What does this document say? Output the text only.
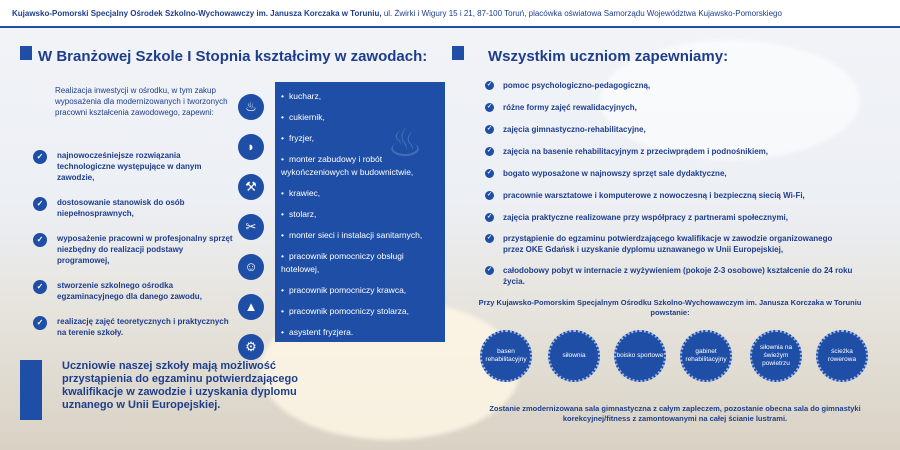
Kujawsko-Pomorski Specjalny Ośrodek Szkolno-Wychowawczy im. Janusza Korczaka w Toruniu, ul. Żwirki i Wigury 15 i 21, 87-100 Toruń, placówka oświatowa Samorządu Województwa Kujawsko-Pomorskiego
W Branżowej Szkole I Stopnia kształcimy w zawodach:	Wszystkim uczniom zapewniamy:
Realizacja inwestycji w ośrodku, w tym zakup wyposażenia dla modernizowanych i tworzonych pracowni kształcenia zawodowego, zapewni:
✓	najnowocześniejsze rozwiązania technologiczne występujące w danym zawodzie,
✓	dostosowanie stanowisk do osób niepełnosprawnych,
✓	wyposażenie pracowni w profesjonalny sprzęt niezbędny do realizacji podstawy programowej,
✓	stworzenie szkolnego ośrodka egzaminacyjnego dla danego zawodu,
✓	realizację zajęć teoretycznych i praktycznych na terenie szkoły.
♨
◗
⚒
✂
☺
▲
⚙
♨
• kucharz,
• cukiernik,
• fryzjer,
• monter zabudowy i robót wykończeniowych w budownictwie,
• krawiec,
• stolarz,
• monter sieci i instalacji sanitarnych,
• pracownik pomocniczy obsługi hotelowej,
• pracownik pomocniczy krawca,
• pracownik pomocniczy stolarza,
• asystent fryzjera.
✓ pomoc psychologiczno-pedagogiczną,
✓ różne formy zajęć rewalidacyjnych,
✓ zajęcia gimnastyczno-rehabilitacyjne,
✓ zajęcia na basenie rehabilitacyjnym z przeciwprądem i podnośnikiem,
✓ bogato wyposażone w najnowszy sprzęt sale dydaktyczne,
✓ pracownie warsztatowe i komputerowe z nowoczesną i bezpieczną siecią Wi-Fi,
✓ zajęcia praktyczne realizowane przy współpracy z partnerami społecznymi,
✓ przystąpienie do egzaminu potwierdzającego kwalifikacje w zawodzie organizowanego przez OKE Gdańsk i uzyskanie dyplomu uznawanego w Unii Europejskiej,
✓ całodobowy pobyt w internacie z wyżywieniem (pokoje 2-3 osobowe) kształcenie do 24 roku życia.
Przy Kujawsko-Pomorskim Specjalnym Ośrodku Szkolno-Wychowawczym im. Janusza Korczaka w Toruniu powstanie:
basen rehabilitacyjny
siłownia	boisko sportowe
gabinet rehabilitacyjny
siłownia na świeżym powietrzu
ścieżka rowerowa
Zostanie zmodernizowana sala gimnastyczna z całym zapleczem, pozostanie obecna sala do gimnastyki korekcyjnej/fitness z zamontowanymi na całej ścianie lustrami.
Uczniowie naszej szkoły mają możliwość przystąpienia do egzaminu potwierdzającego kwalifikacje w zawodzie i uzyskania dyplomu uznanego w Unii Europejskiej.
